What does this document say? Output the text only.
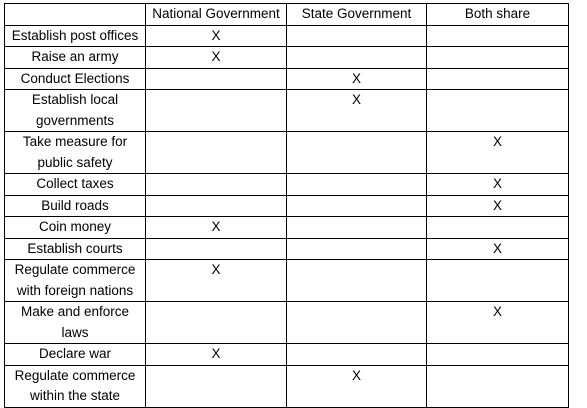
	National Government	State Government	Both share
Establish post offices	X		
Raise an army	X		
Conduct Elections		X	
Establish local governments		X	
Take measure for public safety			X
Collect taxes			X
Build roads			X
Coin money	X		
Establish courts			X
Regulate commerce with foreign nations	X		
Make and enforce laws			X
Declare war	X		
Regulate commerce within the state		X	
